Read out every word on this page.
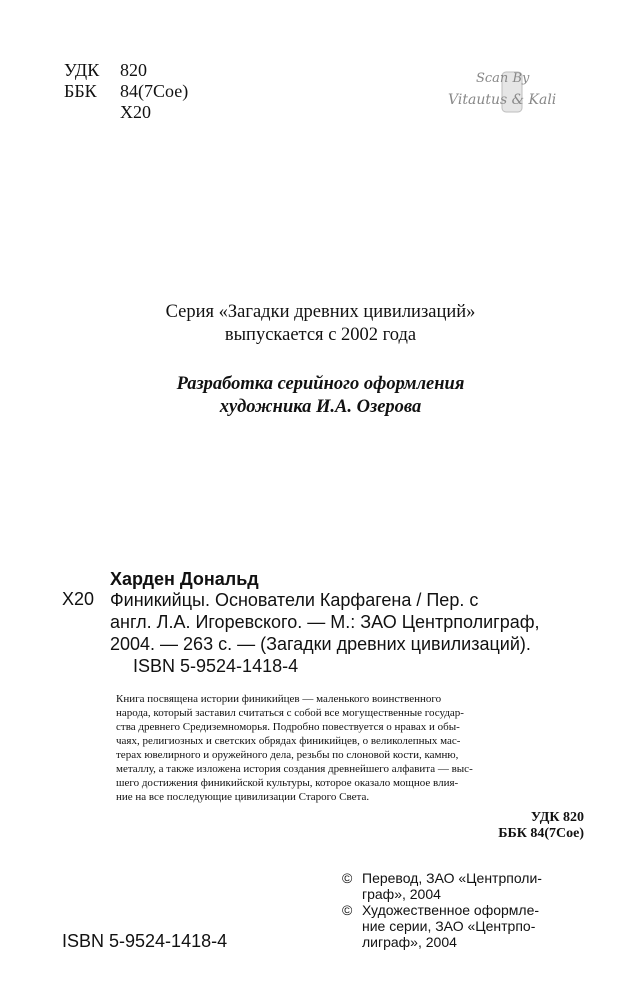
УДК	820
ББК	84(7Сое)
Х20
Scan By
Vitautus & Kali
Серия «Загадки древних цивилизаций»
выпускается с 2002 года
Разработка серийного оформления
художника И.А. Озерова
Харден Дональд
Х20 Финикийцы. Основатели Карфагена / Пер. с
англ. Л.А. Игоревского. — М.: ЗАО Центрполиграф,
2004. — 263 с. — (Загадки древних цивилизаций).
ISBN 5-9524-1418-4
Книга посвящена истории финикийцев — маленького воинственного
народа, который заставил считаться с собой все могущественные государ-
ства древнего Средиземноморья. Подробно повествуется о нравах и обы-
чаях, религиозных и светских обрядах финикийцев, о великолепных мас-
терах ювелирного и оружейного дела, резьбы по слоновой кости, камню,
металлу, а также изложена история создания древнейшего алфавита — выс-
шего достижения финикийской культуры, которое оказало мощное влия-
ние на все последующие цивилизации Старого Света.
УДК 820
ББК 84(7Сое)
© Перевод, ЗАО «Центрполи-
граф», 2004
© Художественное оформле-
ние серии, ЗАО «Центрпо-
лиграф», 2004
ISBN 5-9524-1418-4
